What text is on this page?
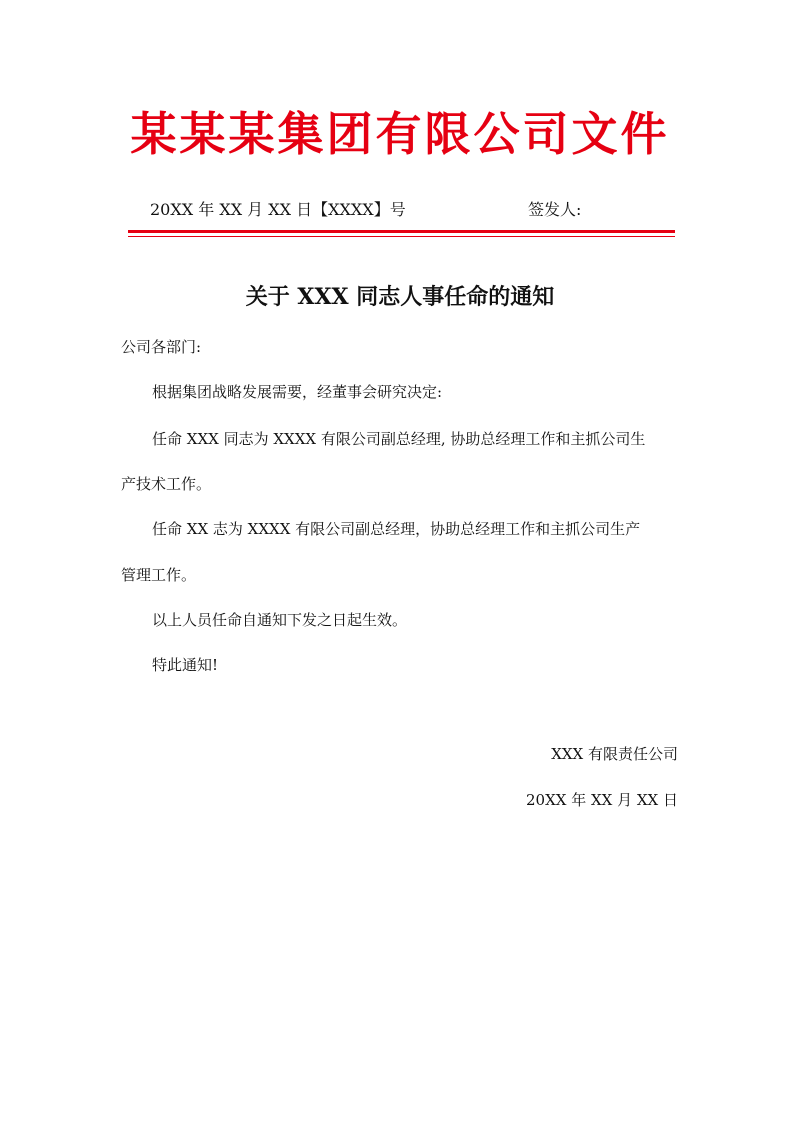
某某某集团有限公司文件
20XX 年 XX 月 XX 日【XXXX】号	签发人:
关于 XXX 同志人事任命的通知
公司各部门:
根据集团战略发展需要，经董事会研究决定:
任命 XXX 同志为 XXXX 有限公司副总经理, 协助总经理工作和主抓公司生
产技术工作。
任命 XX 志为 XXXX 有限公司副总经理，协助总经理工作和主抓公司生产
管理工作。
以上人员任命自通知下发之日起生效。
特此通知!
XXX 有限责任公司
20XX 年 XX 月 XX 日
